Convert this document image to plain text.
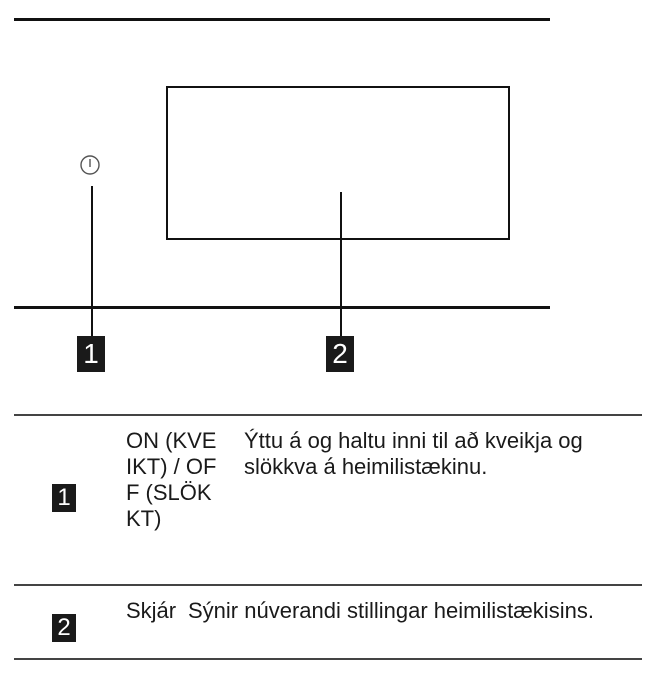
1	2
1
ON (KVEIKT) / OFF (SLÖKKT)
Ýttu á og haltu inni til að kveikja og slökkva á heimilistækinu.
2
Skjár Sýnir núverandi stillingar heimilistækisins.
